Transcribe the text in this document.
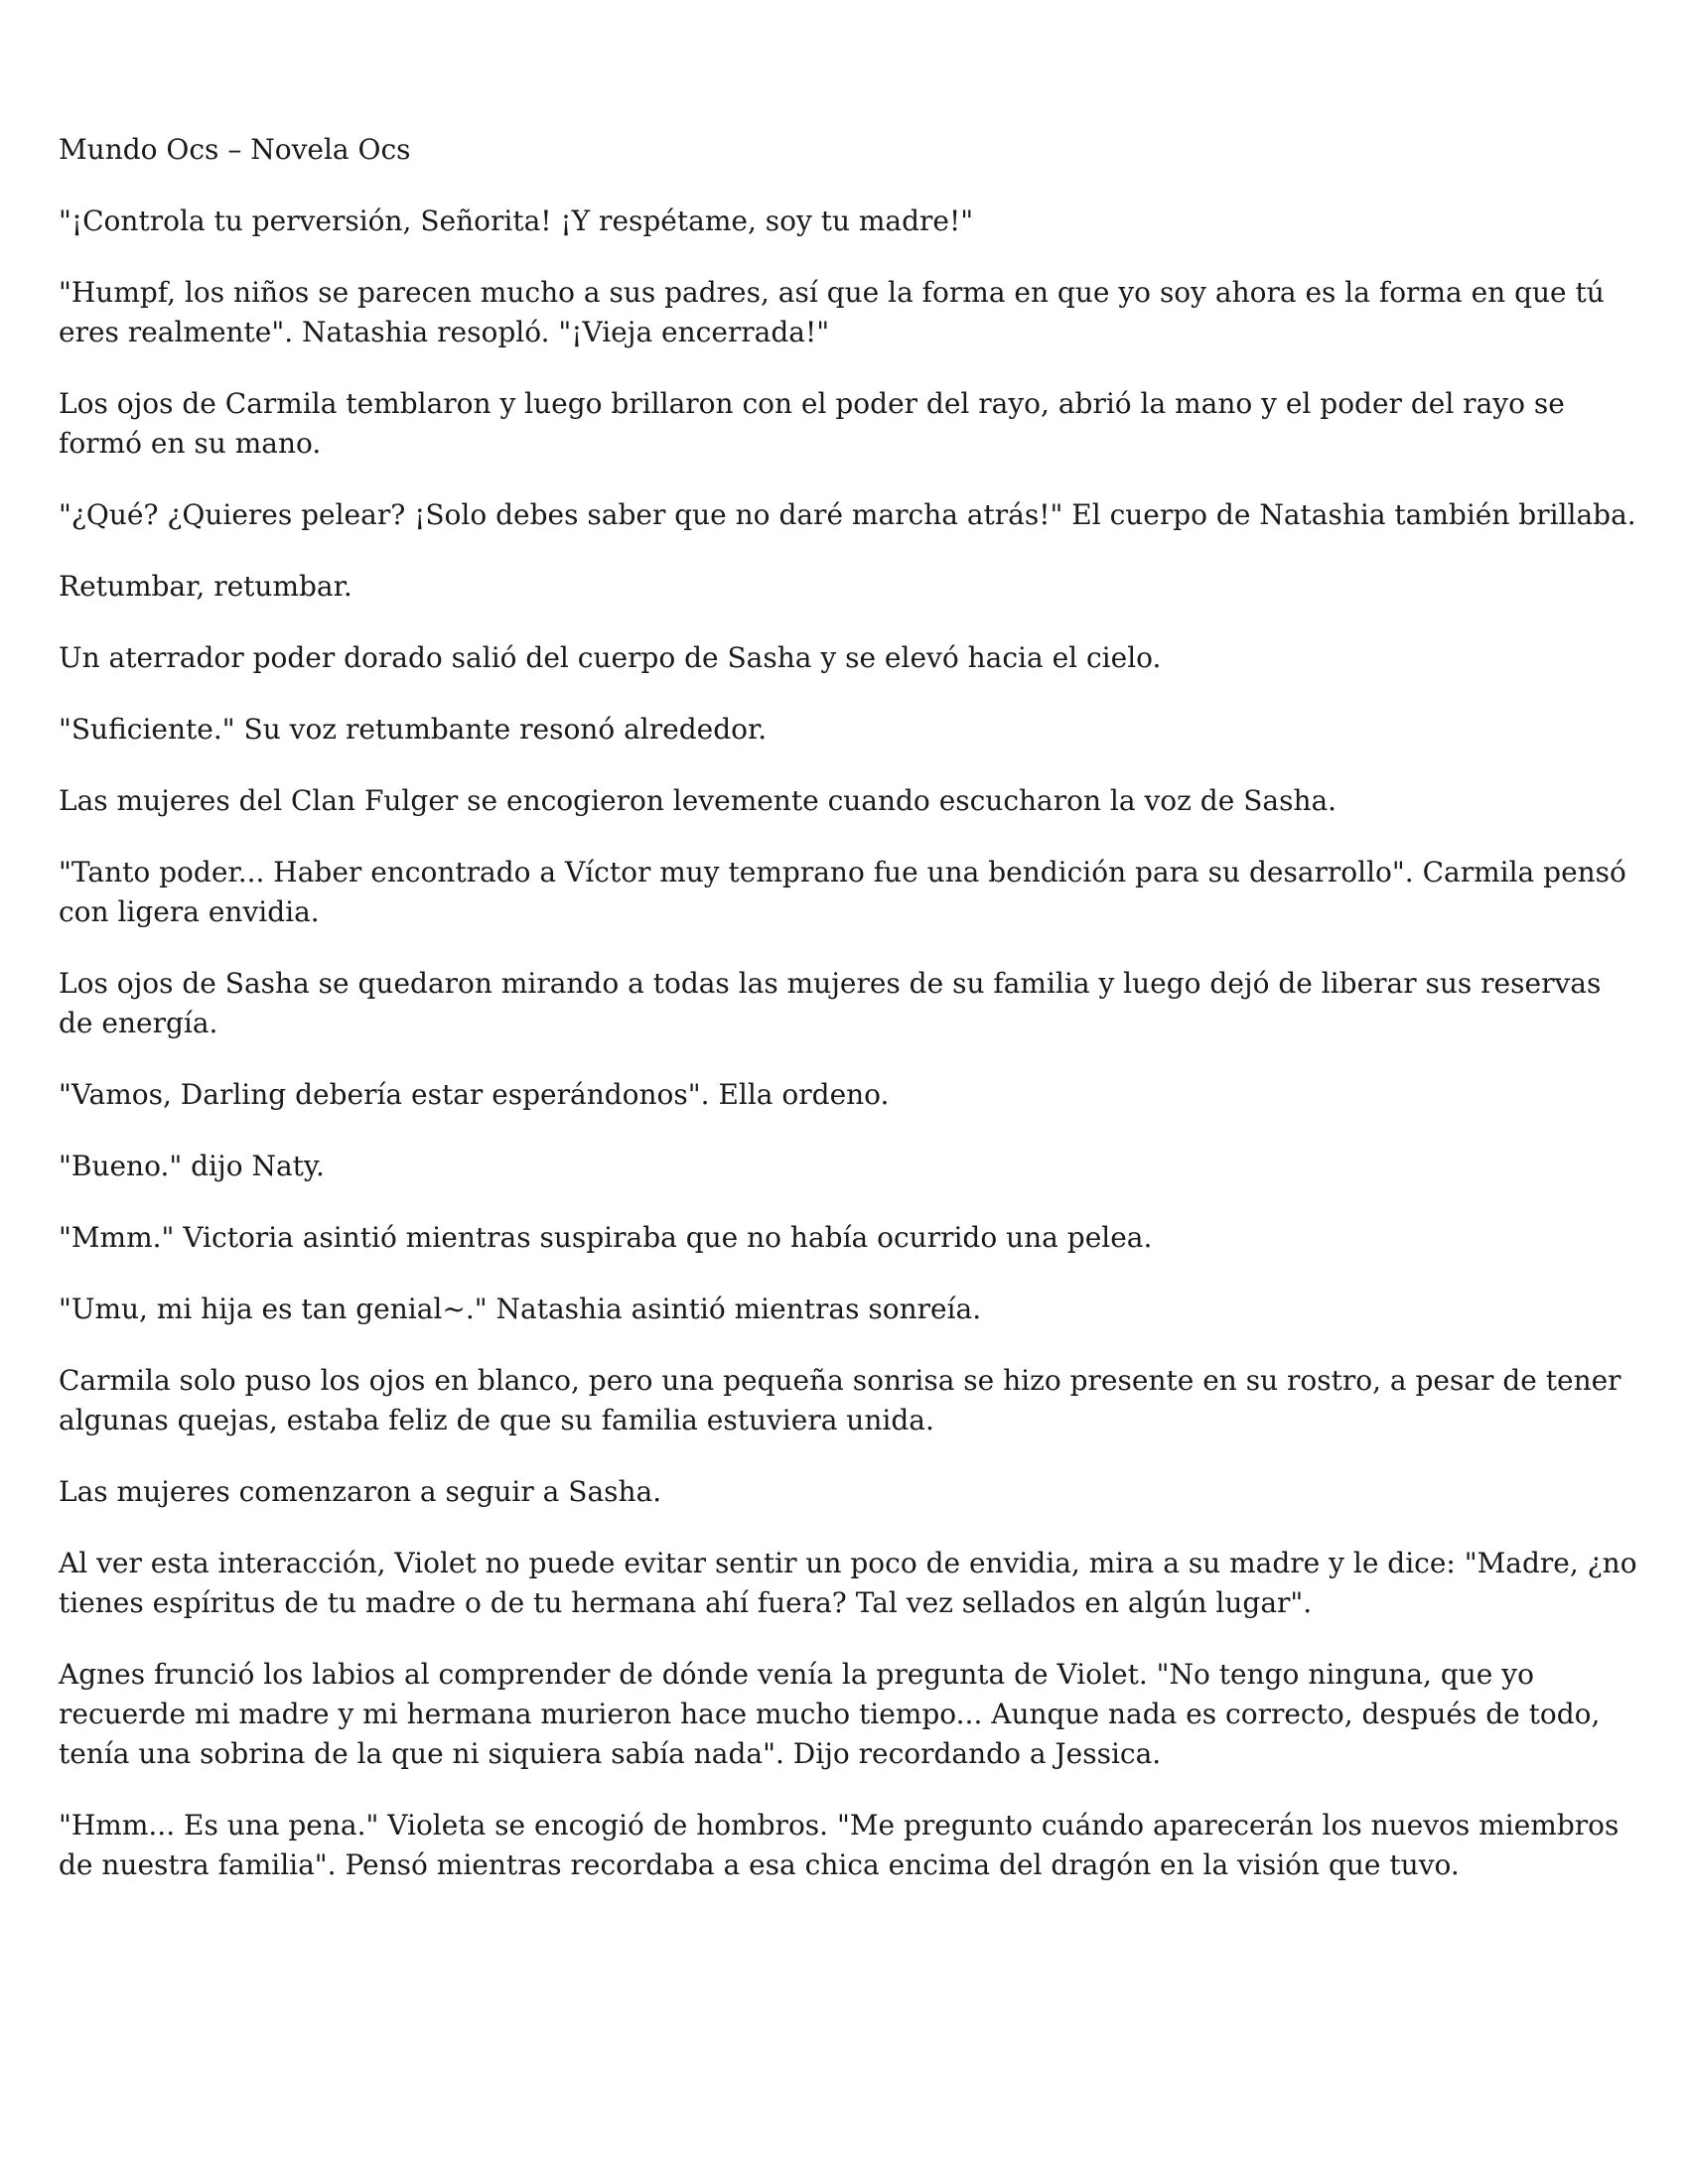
Mundo Ocs – Novela Ocs

"¡Controla tu perversión, Señorita! ¡Y respétame, soy tu madre!"

"Humpf, los niños se parecen mucho a sus padres, así que la forma en que yo soy ahora es la forma en que tú eres realmente". Natashia resopló. "¡Vieja encerrada!"

Los ojos de Carmila temblaron y luego brillaron con el poder del rayo, abrió la mano y el poder del rayo se formó en su mano.

"¿Qué? ¿Quieres pelear? ¡Solo debes saber que no daré marcha atrás!" El cuerpo de Natashia también brillaba.

Retumbar, retumbar.

Un aterrador poder dorado salió del cuerpo de Sasha y se elevó hacia el cielo.

"Suficiente." Su voz retumbante resonó alrededor.

Las mujeres del Clan Fulger se encogieron levemente cuando escucharon la voz de Sasha.

"Tanto poder... Haber encontrado a Víctor muy temprano fue una bendición para su desarrollo". Carmila pensó con ligera envidia.

Los ojos de Sasha se quedaron mirando a todas las mujeres de su familia y luego dejó de liberar sus reservas de energía.

"Vamos, Darling debería estar esperándonos". Ella ordeno.

"Bueno." dijo Naty.

"Mmm." Victoria asintió mientras suspiraba que no había ocurrido una pelea.

"Umu, mi hija es tan genial~." Natashia asintió mientras sonreía.

Carmila solo puso los ojos en blanco, pero una pequeña sonrisa se hizo presente en su rostro, a pesar de tener algunas quejas, estaba feliz de que su familia estuviera unida.

Las mujeres comenzaron a seguir a Sasha.

Al ver esta interacción, Violet no puede evitar sentir un poco de envidia, mira a su madre y le dice: "Madre, ¿no tienes espíritus de tu madre o de tu hermana ahí fuera? Tal vez sellados en algún lugar".

Agnes frunció los labios al comprender de dónde venía la pregunta de Violet. "No tengo ninguna, que yo recuerde mi madre y mi hermana murieron hace mucho tiempo... Aunque nada es correcto, después de todo, tenía una sobrina de la que ni siquiera sabía nada". Dijo recordando a Jessica.

"Hmm... Es una pena." Violeta se encogió de hombros. "Me pregunto cuándo aparecerán los nuevos miembros de nuestra familia". Pensó mientras recordaba a esa chica encima del dragón en la visión que tuvo.
